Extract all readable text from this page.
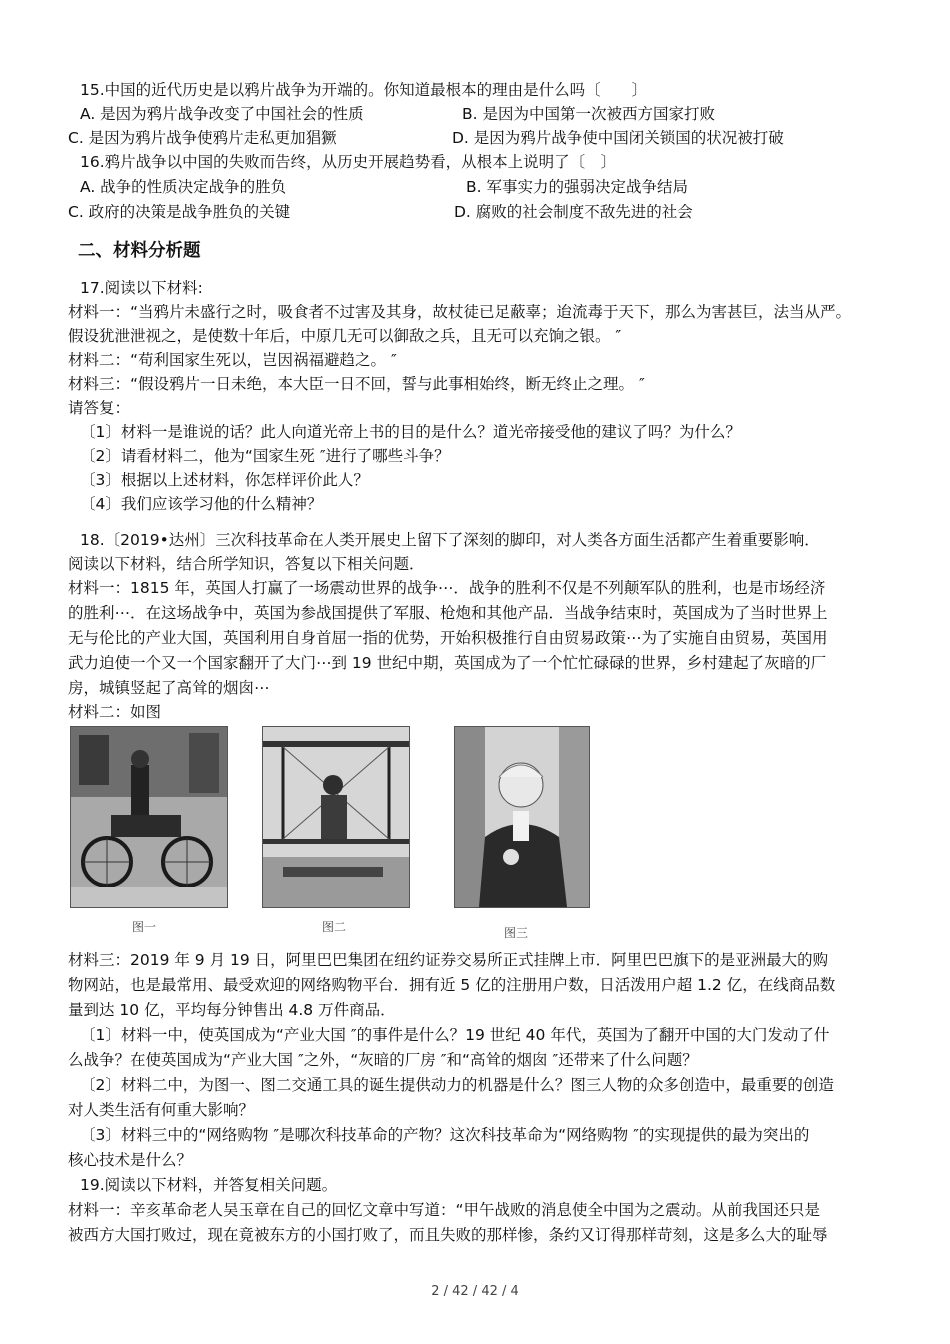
15.中国的近代历史是以鸦片战争为开端的。你知道最根本的理由是什么吗〔　　〕
A. 是因为鸦片战争改变了中国社会的性质	B. 是因为中国第一次被西方国家打败
C. 是因为鸦片战争使鸦片走私更加猖獗	D. 是因为鸦片战争使中国闭关锁国的状况被打破
16.鸦片战争以中国的失败而告终，从历史开展趋势看，从根本上说明了〔　〕
A. 战争的性质决定战争的胜负	B. 军事实力的强弱决定战争结局
C. 政府的决策是战争胜负的关键	D. 腐败的社会制度不敌先进的社会
二、材料分析题
17.阅读以下材料:
材料一：“当鸦片未盛行之时，吸食者不过害及其身，故杖徒已足蔽辜；迨流毒于天下，那么为害甚巨，法当从严。
假设犹泄泄视之，是使数十年后，中原几无可以御敌之兵，且无可以充饷之银。 ″
材料二：“苟利国家生死以，岂因祸福避趋之。 ″
材料三：“假设鸦片一日未绝，本大臣一日不回，誓与此事相始终，断无终止之理。 ″
请答复：
〔1〕材料一是谁说的话？此人向道光帝上书的目的是什么？道光帝接受他的建议了吗？为什么？
〔2〕请看材料二，他为“国家生死 ″进行了哪些斗争？
〔3〕根据以上述材料，你怎样评价此人？
〔4〕我们应该学习他的什么精神？
18.〔2019•达州〕三次科技革命在人类开展史上留下了深刻的脚印，对人类各方面生活都产生着重要影响．
阅读以下材料，结合所学知识，答复以下相关问题．
材料一：1815 年，英国人打赢了一场震动世界的战争⋯．战争的胜利不仅是不列颠军队的胜利，也是市场经济
的胜利⋯．在这场战争中，英国为参战国提供了军服、枪炮和其他产品．当战争结束时，英国成为了当时世界上
无与伦比的产业大国，英国利用自身首屈一指的优势，开始积极推行自由贸易政策⋯为了实施自由贸易，英国用
武力迫使一个又一个国家翻开了大门⋯到 19 世纪中期，英国成为了一个忙忙碌碌的世界，乡村建起了灰暗的厂
房，城镇竖起了高耸的烟囱⋯
图一	图二	图三
材料三：2019 年 9 月 19 日，阿里巴巴集团在纽约证券交易所正式挂牌上市．阿里巴巴旗下的是亚洲最大的购
物网站，也是最常用、最受欢迎的网络购物平台．拥有近 5 亿的注册用户数，日活泼用户超 1.2 亿，在线商品数
量到达 10 亿，平均每分钟售出 4.8 万件商品．
〔1〕材料一中，使英国成为“产业大国 ″的事件是什么？19 世纪 40 年代，英国为了翻开中国的大门发动了什
么战争？在使英国成为“产业大国 ″之外，“灰暗的厂房 ″和“高耸的烟囱 ″还带来了什么问题？
〔2〕材料二中，为图一、图二交通工具的诞生提供动力的机器是什么？图三人物的众多创造中，最重要的创造
对人类生活有何重大影响？
〔3〕材料三中的“网络购物 ″是哪次科技革命的产物？这次科技革命为“网络购物 ″的实现提供的最为突出的
核心技术是什么？
19.阅读以下材料，并答复相关问题。
材料一：辛亥革命老人吴玉章在自己的回忆文章中写道：“甲午战败的消息使全中国为之震动。从前我国还只是
被西方大国打败过，现在竟被东方的小国打败了，而且失败的那样惨，条约又订得那样苛刻，这是多么大的耻辱
2 / 42 / 42 / 4
材料二：如图
